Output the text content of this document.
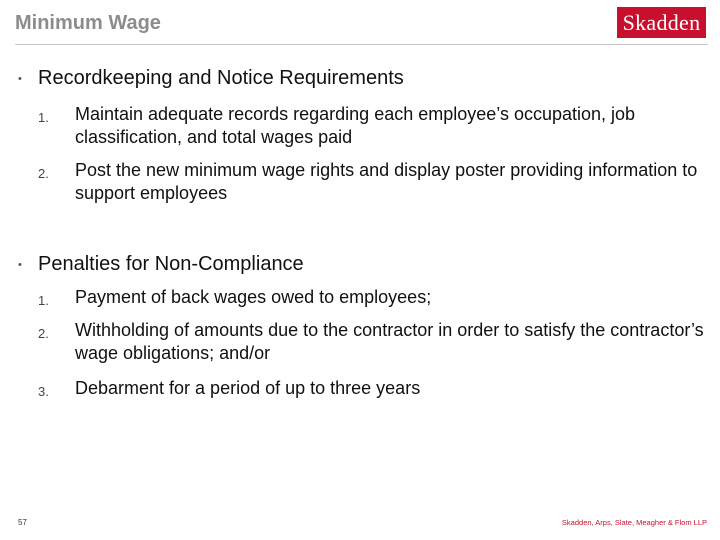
Minimum Wage	Skadden
• Recordkeeping and Notice Requirements
1. Maintain adequate records regarding each employee’s occupation, job classification, and total wages paid
2. Post the new minimum wage rights and display poster providing information to support employees
• Penalties for Non-Compliance
1. Payment of back wages owed to employees;
2. Withholding of amounts due to the contractor in order to satisfy the contractor’s wage obligations; and/or
3. Debarment for a period of up to three years
57	Skadden, Arps, Slate, Meagher & Flom LLP
